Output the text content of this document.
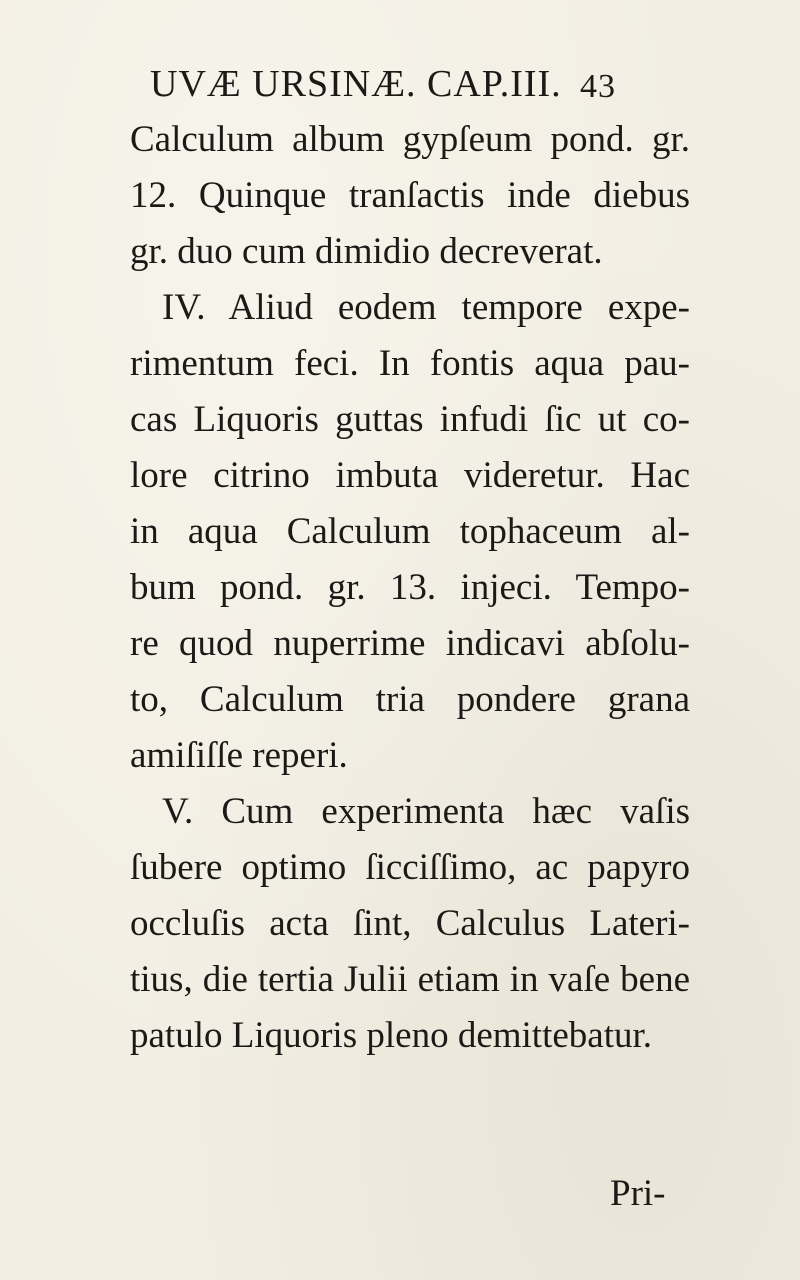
UVÆ URSINÆ. CAP.III. 43
Calculum album gypſeum pond. gr.
12. Quinque tranſactis inde diebus
gr. duo cum dimidio decreverat.
IV. Aliud eodem tempore expe-
rimentum feci. In fontis aqua pau-
cas Liquoris guttas infudi ſic ut co-
lore citrino imbuta videretur. Hac
in aqua Calculum tophaceum al-
bum pond. gr. 13. injeci. Tempo-
re quod nuperrime indicavi abſolu-
to, Calculum tria pondere grana
amiſiſſe reperi.
V. Cum experimenta hæc vaſis
ſubere optimo ſicciſſimo, ac papyro
occluſis acta ſint, Calculus Lateri-
tius, die tertia Julii etiam in vaſe bene
patulo Liquoris pleno demittebatur.
Pri-
